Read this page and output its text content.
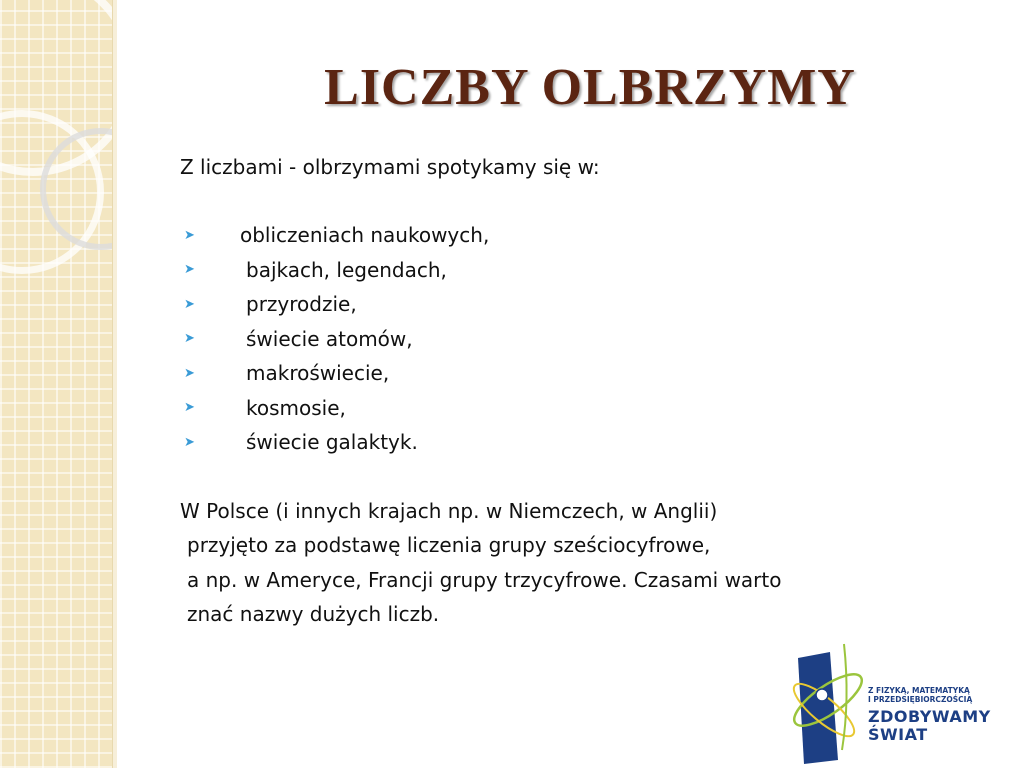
LICZBY OLBRZYMY

Z liczbami - olbrzymami spotykamy się w:

➤	obliczeniach naukowych,
➤	bajkach, legendach,
➤	przyrodzie,
➤	świecie atomów,
➤	makroświecie,
➤	kosmosie,
➤	świecie galaktyk.

W Polsce (i innych krajach np. w Niemczech, w Anglii)
przyjęto za podstawę liczenia grupy sześciocyfrowe,
a np. w Ameryce, Francji grupy trzycyfrowe. Czasami warto
znać nazwy dużych liczb.

Z FIZYKĄ, MATEMATYKĄ
I PRZEDSIĘBIORCZOŚCIĄ
ZDOBYWAMY
ŚWIAT
